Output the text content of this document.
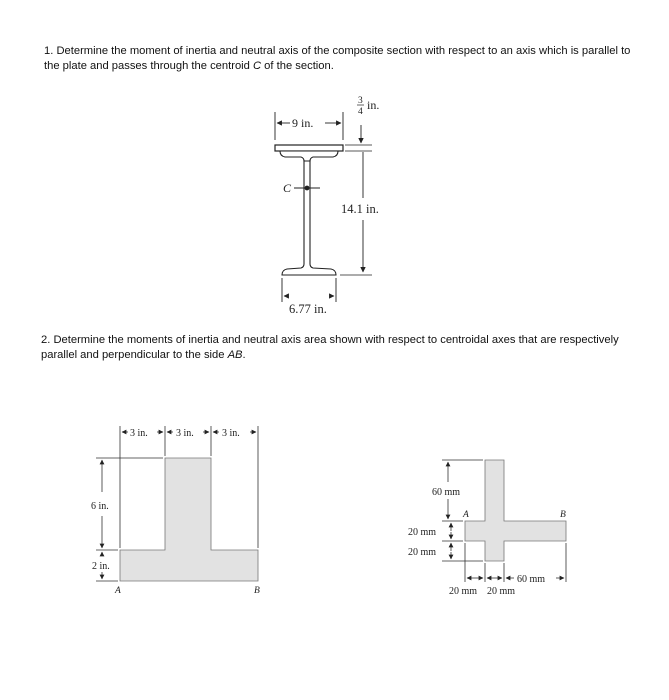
1. Determine the moment of inertia and neutral axis of the composite section with respect to an axis which is parallel to the plate and passes through the centroid C of the section.
2. Determine the moments of inertia and neutral axis area shown with respect to centroidal axes that are respectively parallel and perpendicular to the side AB.
9 in.
3
4 in.
14.1 in.
C
6.77 in.
3 in.	3 in.	3 in.
6 in.
2 in.
A	B
60 mm
20 mm
20 mm
60 mm
20 mm 20 mm
A	B
